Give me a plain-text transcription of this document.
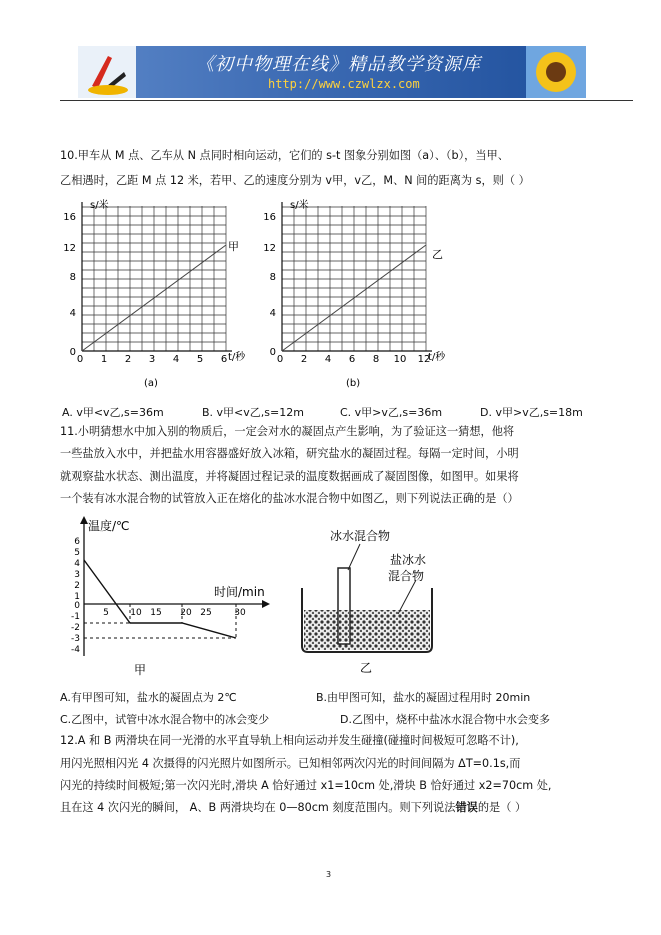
《初中物理在线》精品教学资源库
http://www.czwlzx.com
10.甲车从 M 点、乙车从 N 点同时相向运动，它们的 s-t 图象分别如图（a）、（b），当甲、
乙相遇时，乙距 M 点 12 米，若甲、乙的速度分别为 v甲，v乙，M、N 间的距离为 s，则（ ）
s/米
t/秒
甲
(a)
0
4
8
12
16
0 1 2 3 4 5 6
s/米
t/秒
乙
(b)
0
4
8
12
16
0 2 4 6 8 10 12
A. v甲<v乙,s=36m	B. v甲<v乙,s=12m	C. v甲>v乙,s=36m	D. v甲>v乙,s=18m
11.小明猜想水中加入别的物质后，一定会对水的凝固点产生影响，为了验证这一猜想，他将
一些盐放入水中，并把盐水用容器盛好放入冰箱，研究盐水的凝固过程。每隔一定时间，小明
就观察盐水状态、测出温度，并将凝固过程记录的温度数据画成了凝固图像，如图甲。如果将
一个装有冰水混合物的试管放入正在熔化的盐冰水混合物中如图乙，则下列说法正确的是（）
温度/℃
时间/min
6
5
4
3
2
1
0
-1
-2
-3
-4
5 10 15 20 25	30
甲
冰水混合物
盐冰水
混合物
乙
A.有甲图可知，盐水的凝固点为 2℃	B.由甲图可知，盐水的凝固过程用时 20min
C.乙图中，试管中冰水混合物中的冰会变少	D.乙图中，烧杯中盐冰水混合物中水会变多
12.A 和 B 两滑块在同一光滑的水平直导轨上相向运动并发生碰撞(碰撞时间极短可忽略不计),
用闪光照相闪光 4 次摄得的闪光照片如图所示。已知相邻两次闪光的时间间隔为 ΔT=0.1s,而
闪光的持续时间极短;第一次闪光时,滑块 A 恰好通过 x1=10cm 处,滑块 B 恰好通过 x2=70cm 处,
且在这 4 次闪光的瞬间， A、B 两滑块均在 0—80cm 刻度范围内。则下列说法错误的是（ ）
3
